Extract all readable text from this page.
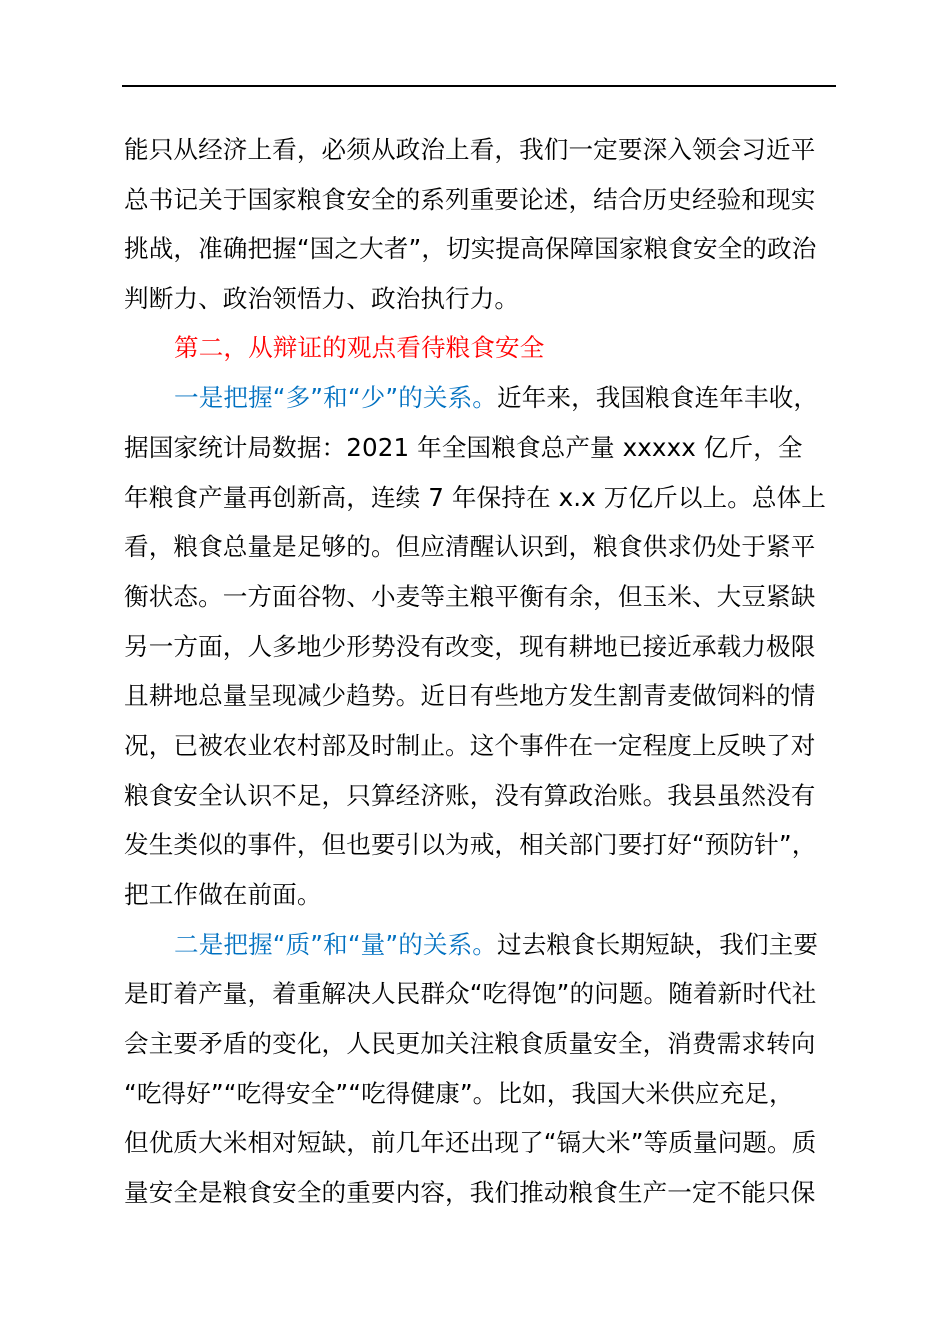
能只从经济上看，必须从政治上看，我们一定要深入领会习近平
总书记关于国家粮食安全的系列重要论述，结合历史经验和现实
挑战，准确把握“国之大者”，切实提高保障国家粮食安全的政治
判断力、政治领悟力、政治执行力。
第二，从辩证的观点看待粮食安全
一是把握“多”和“少”的关系。近年来，我国粮食连年丰收，
据国家统计局数据：2021 年全国粮食总产量 xxxxx 亿斤，全
年粮食产量再创新高，连续 7 年保持在 x.x 万亿斤以上。总体上
看，粮食总量是足够的。但应清醒认识到，粮食供求仍处于紧平
衡状态。一方面谷物、小麦等主粮平衡有余，但玉米、大豆紧缺
另一方面，人多地少形势没有改变，现有耕地已接近承载力极限
且耕地总量呈现减少趋势。近日有些地方发生割青麦做饲料的情
况，已被农业农村部及时制止。这个事件在一定程度上反映了对
粮食安全认识不足，只算经济账，没有算政治账。我县虽然没有
发生类似的事件，但也要引以为戒，相关部门要打好“预防针”，
把工作做在前面。
二是把握“质”和“量”的关系。过去粮食长期短缺，我们主要
是盯着产量，着重解决人民群众“吃得饱”的问题。随着新时代社
会主要矛盾的变化，人民更加关注粮食质量安全，消费需求转向
“吃得好”“吃得安全”“吃得健康”。比如，我国大米供应充足，
但优质大米相对短缺，前几年还出现了“镉大米”等质量问题。质
量安全是粮食安全的重要内容，我们推动粮食生产一定不能只保
